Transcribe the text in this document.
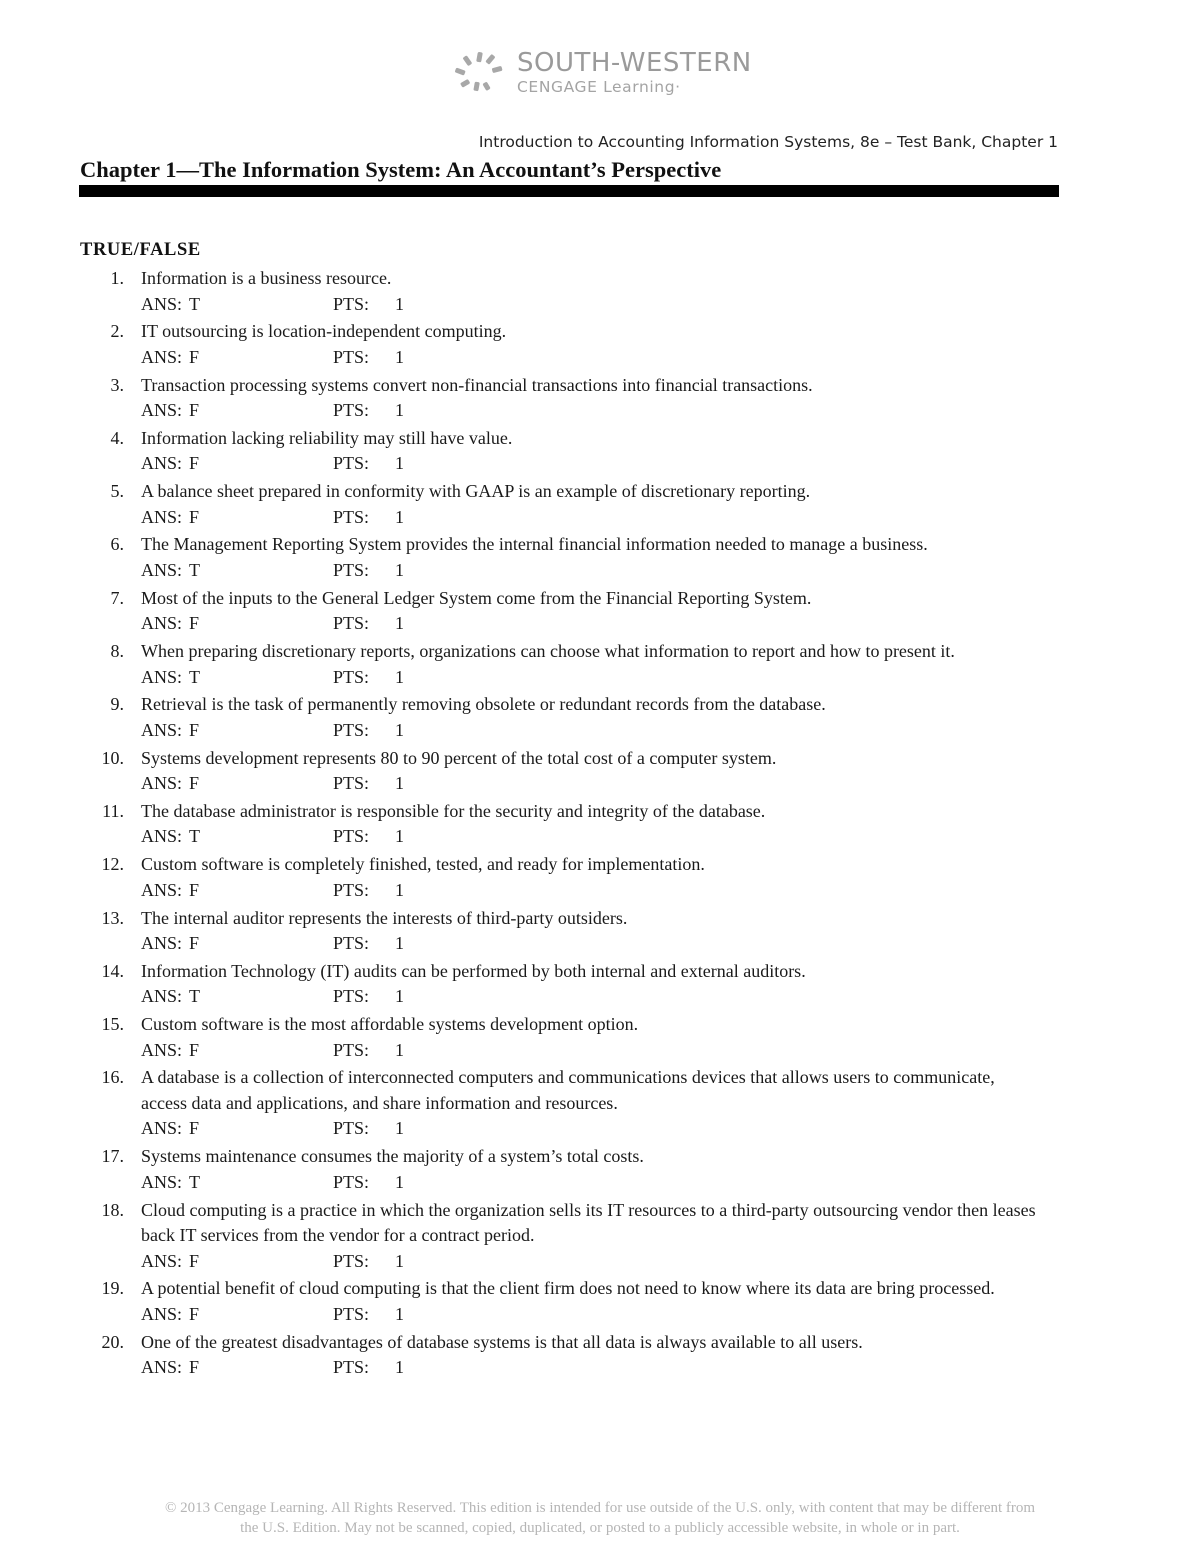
SOUTH-WESTERN
CENGAGE Learning·
Introduction to Accounting Information Systems, 8e – Test Bank, Chapter 1
Chapter 1—The Information System: An Accountant’s Perspective
TRUE/FALSE
1. Information is a business resource.
ANS: T	PTS:	1
2. IT outsourcing is location-independent computing.
ANS: F	PTS:	1
3. Transaction processing systems convert non-financial transactions into financial transactions.
ANS: F	PTS:	1
4. Information lacking reliability may still have value.
ANS: F	PTS:	1
5. A balance sheet prepared in conformity with GAAP is an example of discretionary reporting.
ANS: F	PTS:	1
6. The Management Reporting System provides the internal financial information needed to manage a business.
ANS: T	PTS:	1
7. Most of the inputs to the General Ledger System come from the Financial Reporting System.
ANS: F	PTS:	1
8. When preparing discretionary reports, organizations can choose what information to report and how to present it.
ANS: T	PTS:	1
9. Retrieval is the task of permanently removing obsolete or redundant records from the database.
ANS: F	PTS:	1
10. Systems development represents 80 to 90 percent of the total cost of a computer system.
ANS: F	PTS:	1
11. The database administrator is responsible for the security and integrity of the database.
ANS: T	PTS:	1
12. Custom software is completely finished, tested, and ready for implementation.
ANS: F	PTS:	1
13. The internal auditor represents the interests of third-party outsiders.
ANS: F	PTS:	1
14. Information Technology (IT) audits can be performed by both internal and external auditors.
ANS: T	PTS:	1
15. Custom software is the most affordable systems development option.
ANS: F	PTS:	1
16. A database is a collection of interconnected computers and communications devices that allows users to communicate, access data and applications, and share information and resources.
ANS: F	PTS:	1
17. Systems maintenance consumes the majority of a system’s total costs.
ANS: T	PTS:	1
18. Cloud computing is a practice in which the organization sells its IT resources to a third-party outsourcing vendor then leases back IT services from the vendor for a contract period.
ANS: F	PTS:	1
19. A potential benefit of cloud computing is that the client firm does not need to know where its data are bring processed.
ANS: F	PTS:	1
20. One of the greatest disadvantages of database systems is that all data is always available to all users.
ANS: F	PTS:	1
© 2013 Cengage Learning. All Rights Reserved. This edition is intended for use outside of the U.S. only, with content that may be different from
the U.S. Edition. May not be scanned, copied, duplicated, or posted to a publicly accessible website, in whole or in part.
